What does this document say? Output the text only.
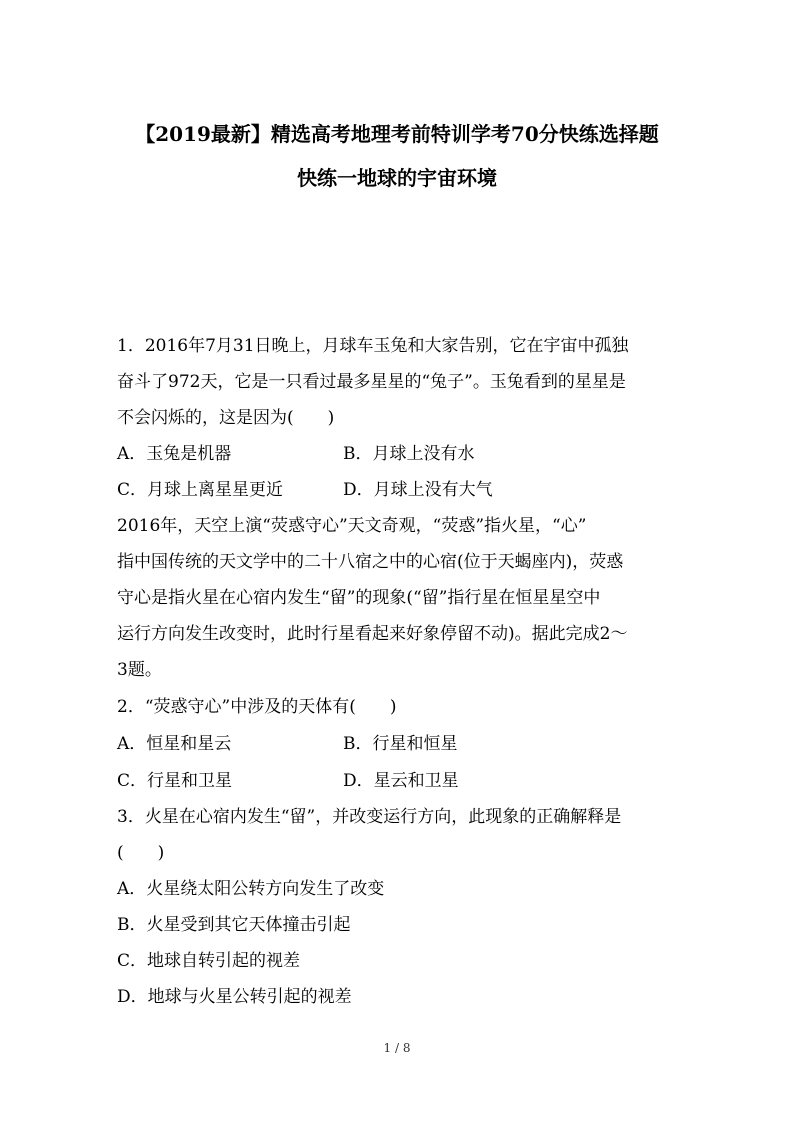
【2019最新】精选高考地理考前特训学考70分快练选择题
快练一地球的宇宙环境
1．2016年7月31日晚上，月球车玉兔和大家告别，它在宇宙中孤独
奋斗了972天，它是一只看过最多星星的“兔子”。玉兔看到的星星是
不会闪烁的，这是因为(　　)
A．玉兔是机器	B．月球上没有水
C．月球上离星星更近	D．月球上没有大气
2016年，天空上演“荧惑守心”天文奇观，“荧惑”指火星，“心”
指中国传统的天文学中的二十八宿之中的心宿(位于天蝎座内)，荧惑
守心是指火星在心宿内发生“留”的现象(“留”指行星在恒星星空中
运行方向发生改变时，此时行星看起来好象停留不动)。据此完成2～
3题。
2．“荧惑守心”中涉及的天体有(　　)
A．恒星和星云	B．行星和恒星
C．行星和卫星	D．星云和卫星
3．火星在心宿内发生“留”，并改变运行方向，此现象的正确解释是
(　　)
A．火星绕太阳公转方向发生了改变
B．火星受到其它天体撞击引起
C．地球自转引起的视差
D．地球与火星公转引起的视差
1 / 8
